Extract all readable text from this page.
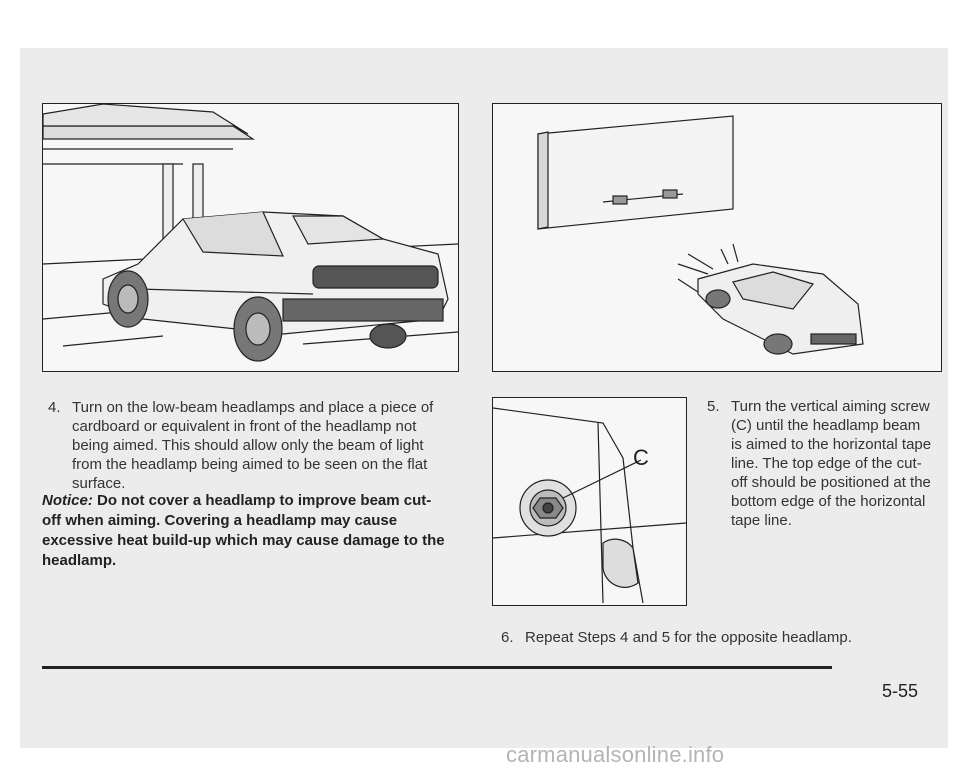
C
4. Turn on the low-beam headlamps and place a piece of cardboard or equivalent in front of the headlamp not being aimed. This should allow only the beam of light from the headlamp being aimed to be seen on the flat surface.
Notice: Do not cover a headlamp to improve beam cut-off when aiming. Covering a headlamp may cause excessive heat build-up which may cause damage to the headlamp.
5. Turn the vertical aiming screw (C) until the headlamp beam is aimed to the horizontal tape line. The top edge of the cut-off should be positioned at the bottom edge of the horizontal tape line.
6. Repeat Steps 4 and 5 for the opposite headlamp.
5-55
carmanualsonline.info
